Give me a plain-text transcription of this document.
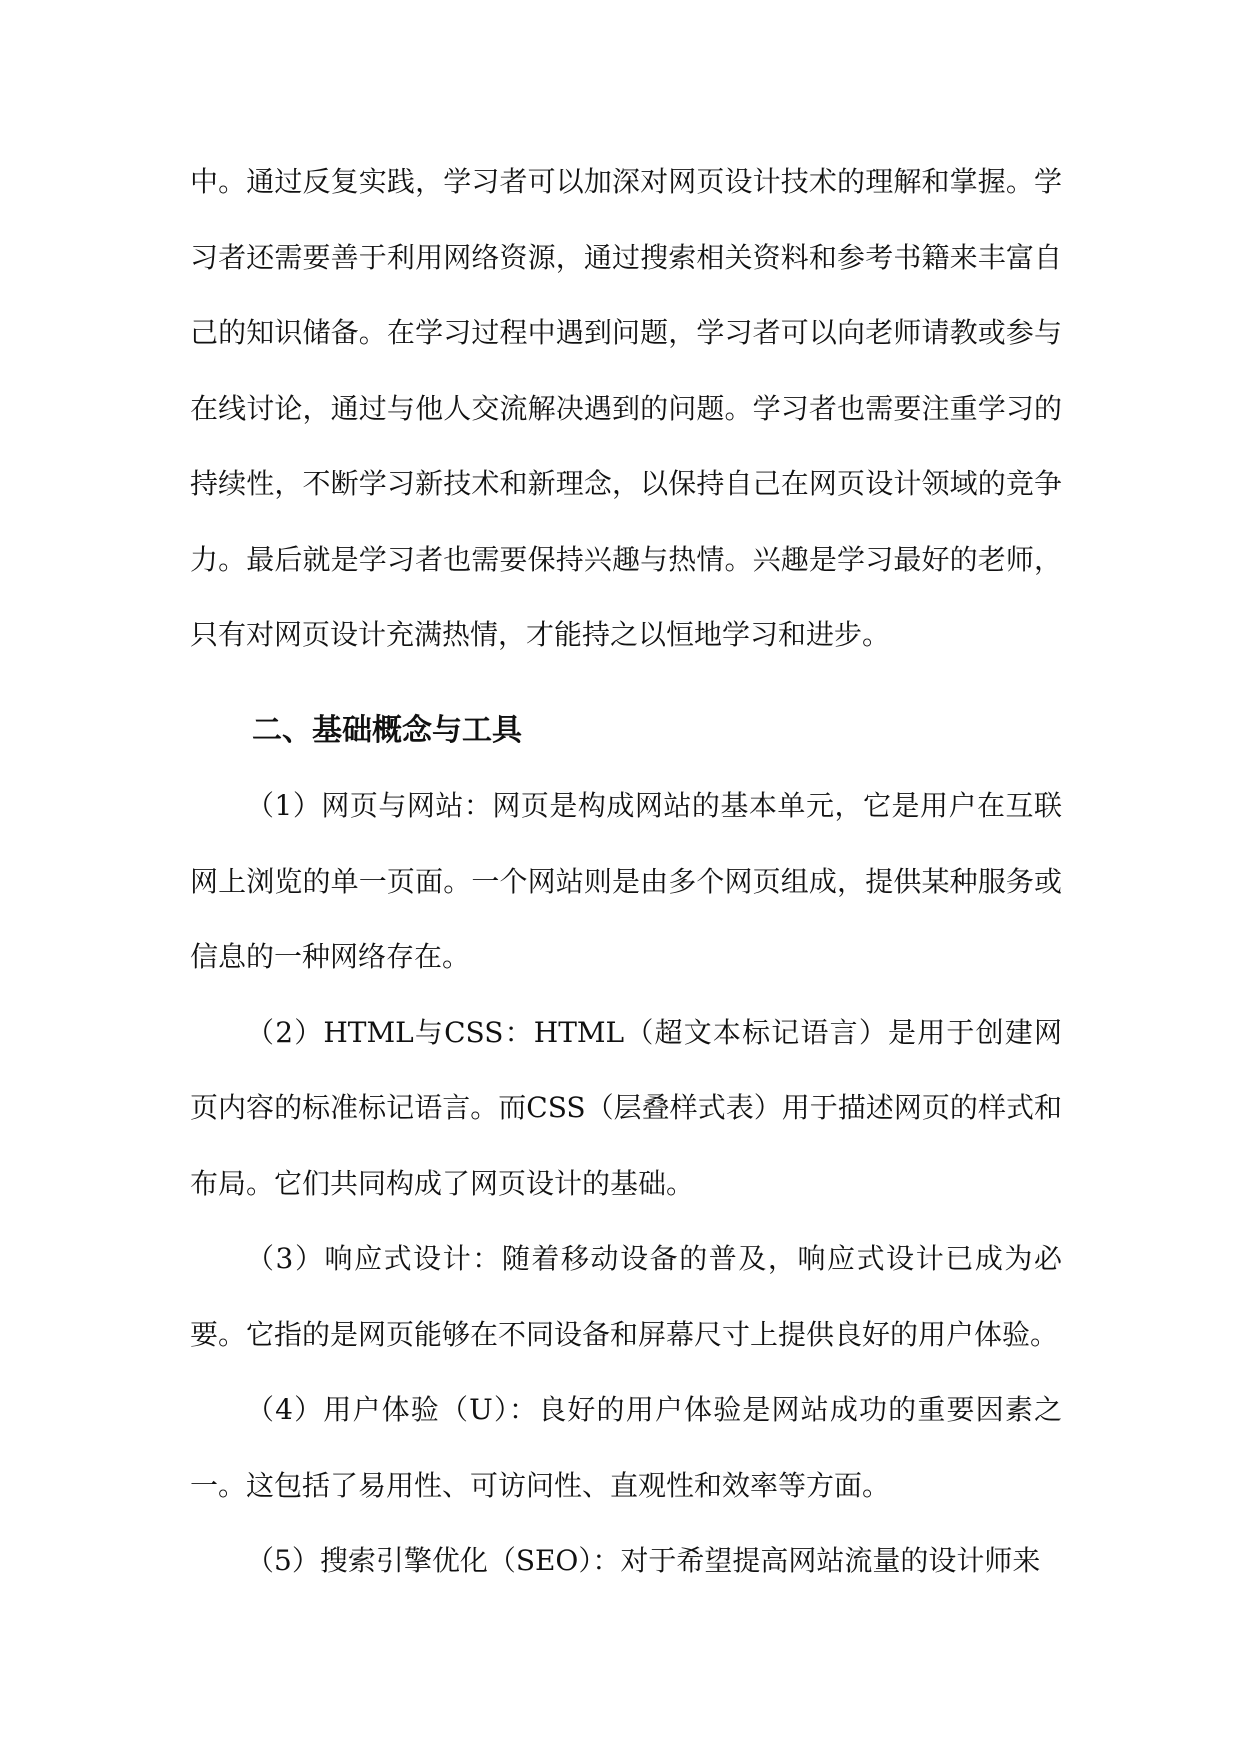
中。通过反复实践，学习者可以加深对网页设计技术的理解和掌握。学习者还需要善于利用网络资源，通过搜索相关资料和参考书籍来丰富自己的知识储备。在学习过程中遇到问题，学习者可以向老师请教或参与在线讨论，通过与他人交流解决遇到的问题。学习者也需要注重学习的持续性，不断学习新技术和新理念，以保持自己在网页设计领域的竞争力。最后就是学习者也需要保持兴趣与热情。兴趣是学习最好的老师，只有对网页设计充满热情，才能持之以恒地学习和进步。

二、基础概念与工具

（1）网页与网站：网页是构成网站的基本单元，它是用户在互联网上浏览的单一页面。一个网站则是由多个网页组成，提供某种服务或信息的一种网络存在。

（2）HTML与CSS：HTML（超文本标记语言）是用于创建网页内容的标准标记语言。而CSS（层叠样式表）用于描述网页的样式和布局。它们共同构成了网页设计的基础。

（3）响应式设计：随着移动设备的普及，响应式设计已成为必要。它指的是网页能够在不同设备和屏幕尺寸上提供良好的用户体验。

（4）用户体验（U）：良好的用户体验是网站成功的重要因素之一。这包括了易用性、可访问性、直观性和效率等方面。

（5）搜索引擎优化（SEO）：对于希望提高网站流量的设计师来
